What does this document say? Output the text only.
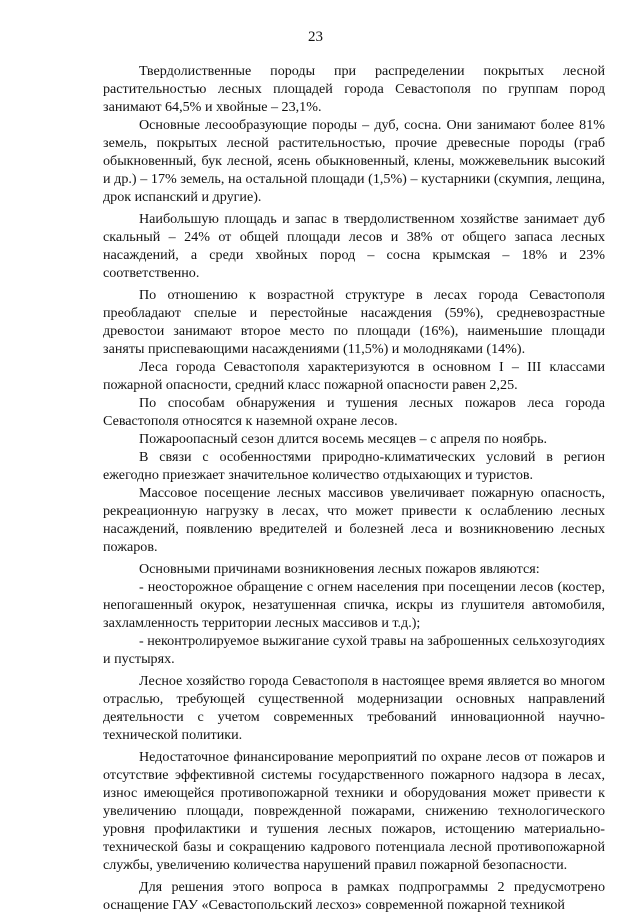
23

Твердолиственные породы при распределении покрытых лесной растительностью лесных площадей города Севастополя по группам пород занимают 64,5% и хвойные – 23,1%.

Основные лесообразующие породы – дуб, сосна. Они занимают более 81% земель, покрытых лесной растительностью, прочие древесные породы (граб обыкновенный, бук лесной, ясень обыкновенный, клены, можжевельник высокий и др.) – 17% земель, на остальной площади (1,5%) – кустарники (скумпия, лещина, дрок испанский и другие).

Наибольшую площадь и запас в твердолиственном хозяйстве занимает дуб скальный – 24% от общей площади лесов и 38% от общего запаса лесных насаждений, а среди хвойных пород – сосна крымская – 18% и 23% соответственно.

По отношению к возрастной структуре в лесах города Севастополя преобладают спелые и перестойные насаждения (59%), средневозрастные древостои занимают второе место по площади (16%), наименьшие площади заняты приспевающими насаждениями (11,5%) и молодняками (14%).

Леса города Севастополя характеризуются в основном I – III классами пожарной опасности, средний класс пожарной опасности равен 2,25.

По способам обнаружения и тушения лесных пожаров леса города Севастополя относятся к наземной охране лесов.

Пожароопасный сезон длится восемь месяцев – с апреля по ноябрь.

В связи с особенностями природно-климатических условий в регион ежегодно приезжает значительное количество отдыхающих и туристов.

Массовое посещение лесных массивов увеличивает пожарную опасность, рекреационную нагрузку в лесах, что может привести к ослаблению лесных насаждений, появлению вредителей и болезней леса и возникновению лесных пожаров.

Основными причинами возникновения лесных пожаров являются:

- неосторожное обращение с огнем населения при посещении лесов (костер, непогашенный окурок, незатушенная спичка, искры из глушителя автомобиля, захламленность территории лесных массивов и т.д.);

- неконтролируемое выжигание сухой травы на заброшенных сельхозугодиях и пустырях.

Лесное хозяйство города Севастополя в настоящее время является во многом отраслью, требующей существенной модернизации основных направлений деятельности с учетом современных требований инновационной научно-технической политики.

Недостаточное финансирование мероприятий по охране лесов от пожаров и отсутствие эффективной системы государственного пожарного надзора в лесах, износ имеющейся противопожарной техники и оборудования может привести к увеличению площади, поврежденной пожарами, снижению технологического уровня профилактики и тушения лесных пожаров, истощению материально-технической базы и сокращению кадрового потенциала лесной противопожарной службы, увеличению количества нарушений правил пожарной безопасности.

Для решения этого вопроса в рамках подпрограммы 2 предусмотрено оснащение ГАУ «Севастопольский лесхоз» современной пожарной техникой
